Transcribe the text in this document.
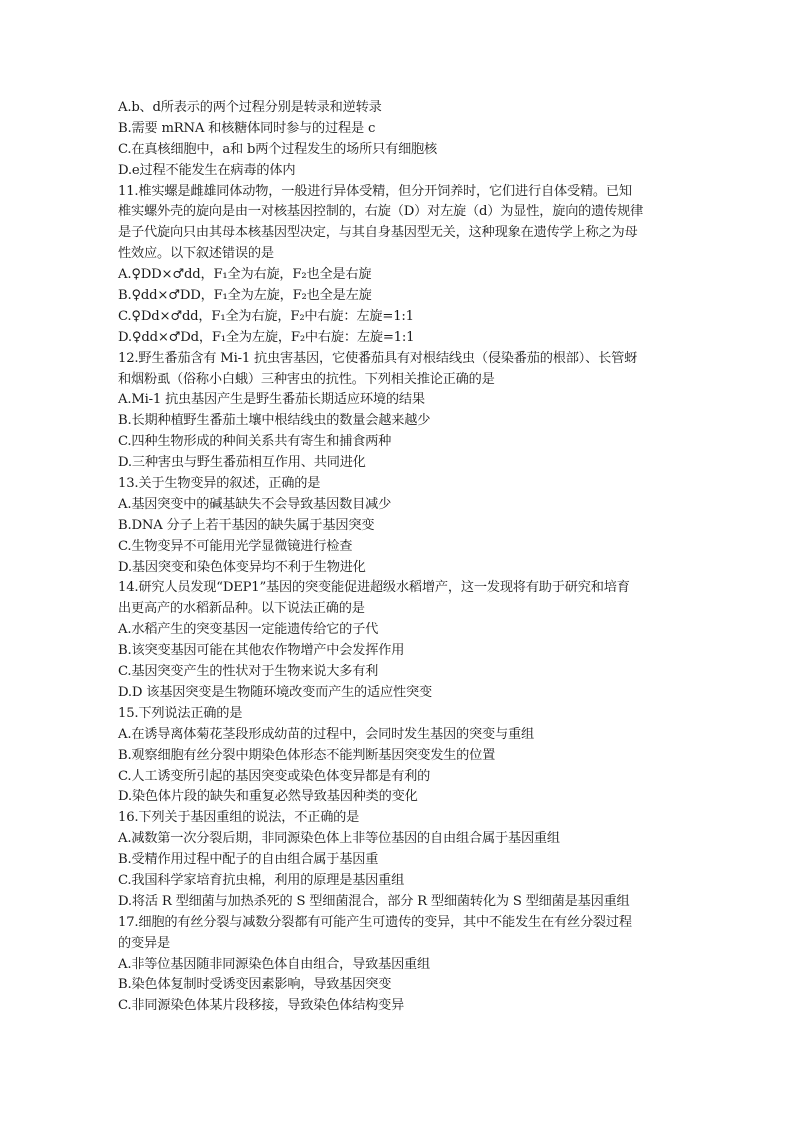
A.b、d所表示的两个过程分别是转录和逆转录
B.需要 mRNA 和核糖体同时参与的过程是 c
C.在真核细胞中，a和 b两个过程发生的场所只有细胞核
D.e过程不能发生在病毒的体内
11.椎实螺是雌雄同体动物，一般进行异体受精，但分开饲养时，它们进行自体受精。已知
椎实螺外壳的旋向是由一对核基因控制的，右旋（D）对左旋（d）为显性，旋向的遗传规律
是子代旋向只由其母本核基因型决定，与其自身基因型无关，这种现象在遗传学上称之为母
性效应。以下叙述错误的是
A.♀DD×♂dd，F₁全为右旋，F₂也全是右旋
B.♀dd×♂DD，F₁全为左旋，F₂也全是左旋
C.♀Dd×♂dd，F₁全为右旋，F₂中右旋：左旋=1:1
D.♀dd×♂Dd，F₁全为左旋，F₂中右旋：左旋=1:1
12.野生番茄含有 Mi-1 抗虫害基因，它使番茄具有对根结线虫（侵染番茄的根部）、长管蚜
和烟粉虱（俗称小白蛾）三种害虫的抗性。下列相关推论正确的是
A.Mi-1 抗虫基因产生是野生番茄长期适应环境的结果
B.长期种植野生番茄土壤中根结线虫的数量会越来越少
C.四种生物形成的种间关系共有寄生和捕食两种
D.三种害虫与野生番茄相互作用、共同进化
13.关于生物变异的叙述，正确的是
A.基因突变中的碱基缺失不会导致基因数目减少
B.DNA 分子上若干基因的缺失属于基因突变
C.生物变异不可能用光学显微镜进行检查
D.基因突变和染色体变异均不利于生物进化
14.研究人员发现“DEP1”基因的突变能促进超级水稻增产，这一发现将有助于研究和培育
出更高产的水稻新品种。以下说法正确的是
A.水稻产生的突变基因一定能遗传给它的子代
B.该突变基因可能在其他农作物增产中会发挥作用
C.基因突变产生的性状对于生物来说大多有利
D.D 该基因突变是生物随环境改变而产生的适应性突变
15.下列说法正确的是
A.在诱导离体菊花茎段形成幼苗的过程中，会同时发生基因的突变与重组
B.观察细胞有丝分裂中期染色体形态不能判断基因突变发生的位置
C.人工诱变所引起的基因突变或染色体变异都是有利的
D.染色体片段的缺失和重复必然导致基因种类的变化
16.下列关于基因重组的说法，不正确的是
A.减数第一次分裂后期，非同源染色体上非等位基因的自由组合属于基因重组
B.受精作用过程中配子的自由组合属于基因重
C.我国科学家培育抗虫棉，利用的原理是基因重组
D.将活 R 型细菌与加热杀死的 S 型细菌混合，部分 R 型细菌转化为 S 型细菌是基因重组
17.细胞的有丝分裂与减数分裂都有可能产生可遗传的变异，其中不能发生在有丝分裂过程
的变异是
A.非等位基因随非同源染色体自由组合，导致基因重组
B.染色体复制时受诱变因素影响，导致基因突变
C.非同源染色体某片段移接，导致染色体结构变异
